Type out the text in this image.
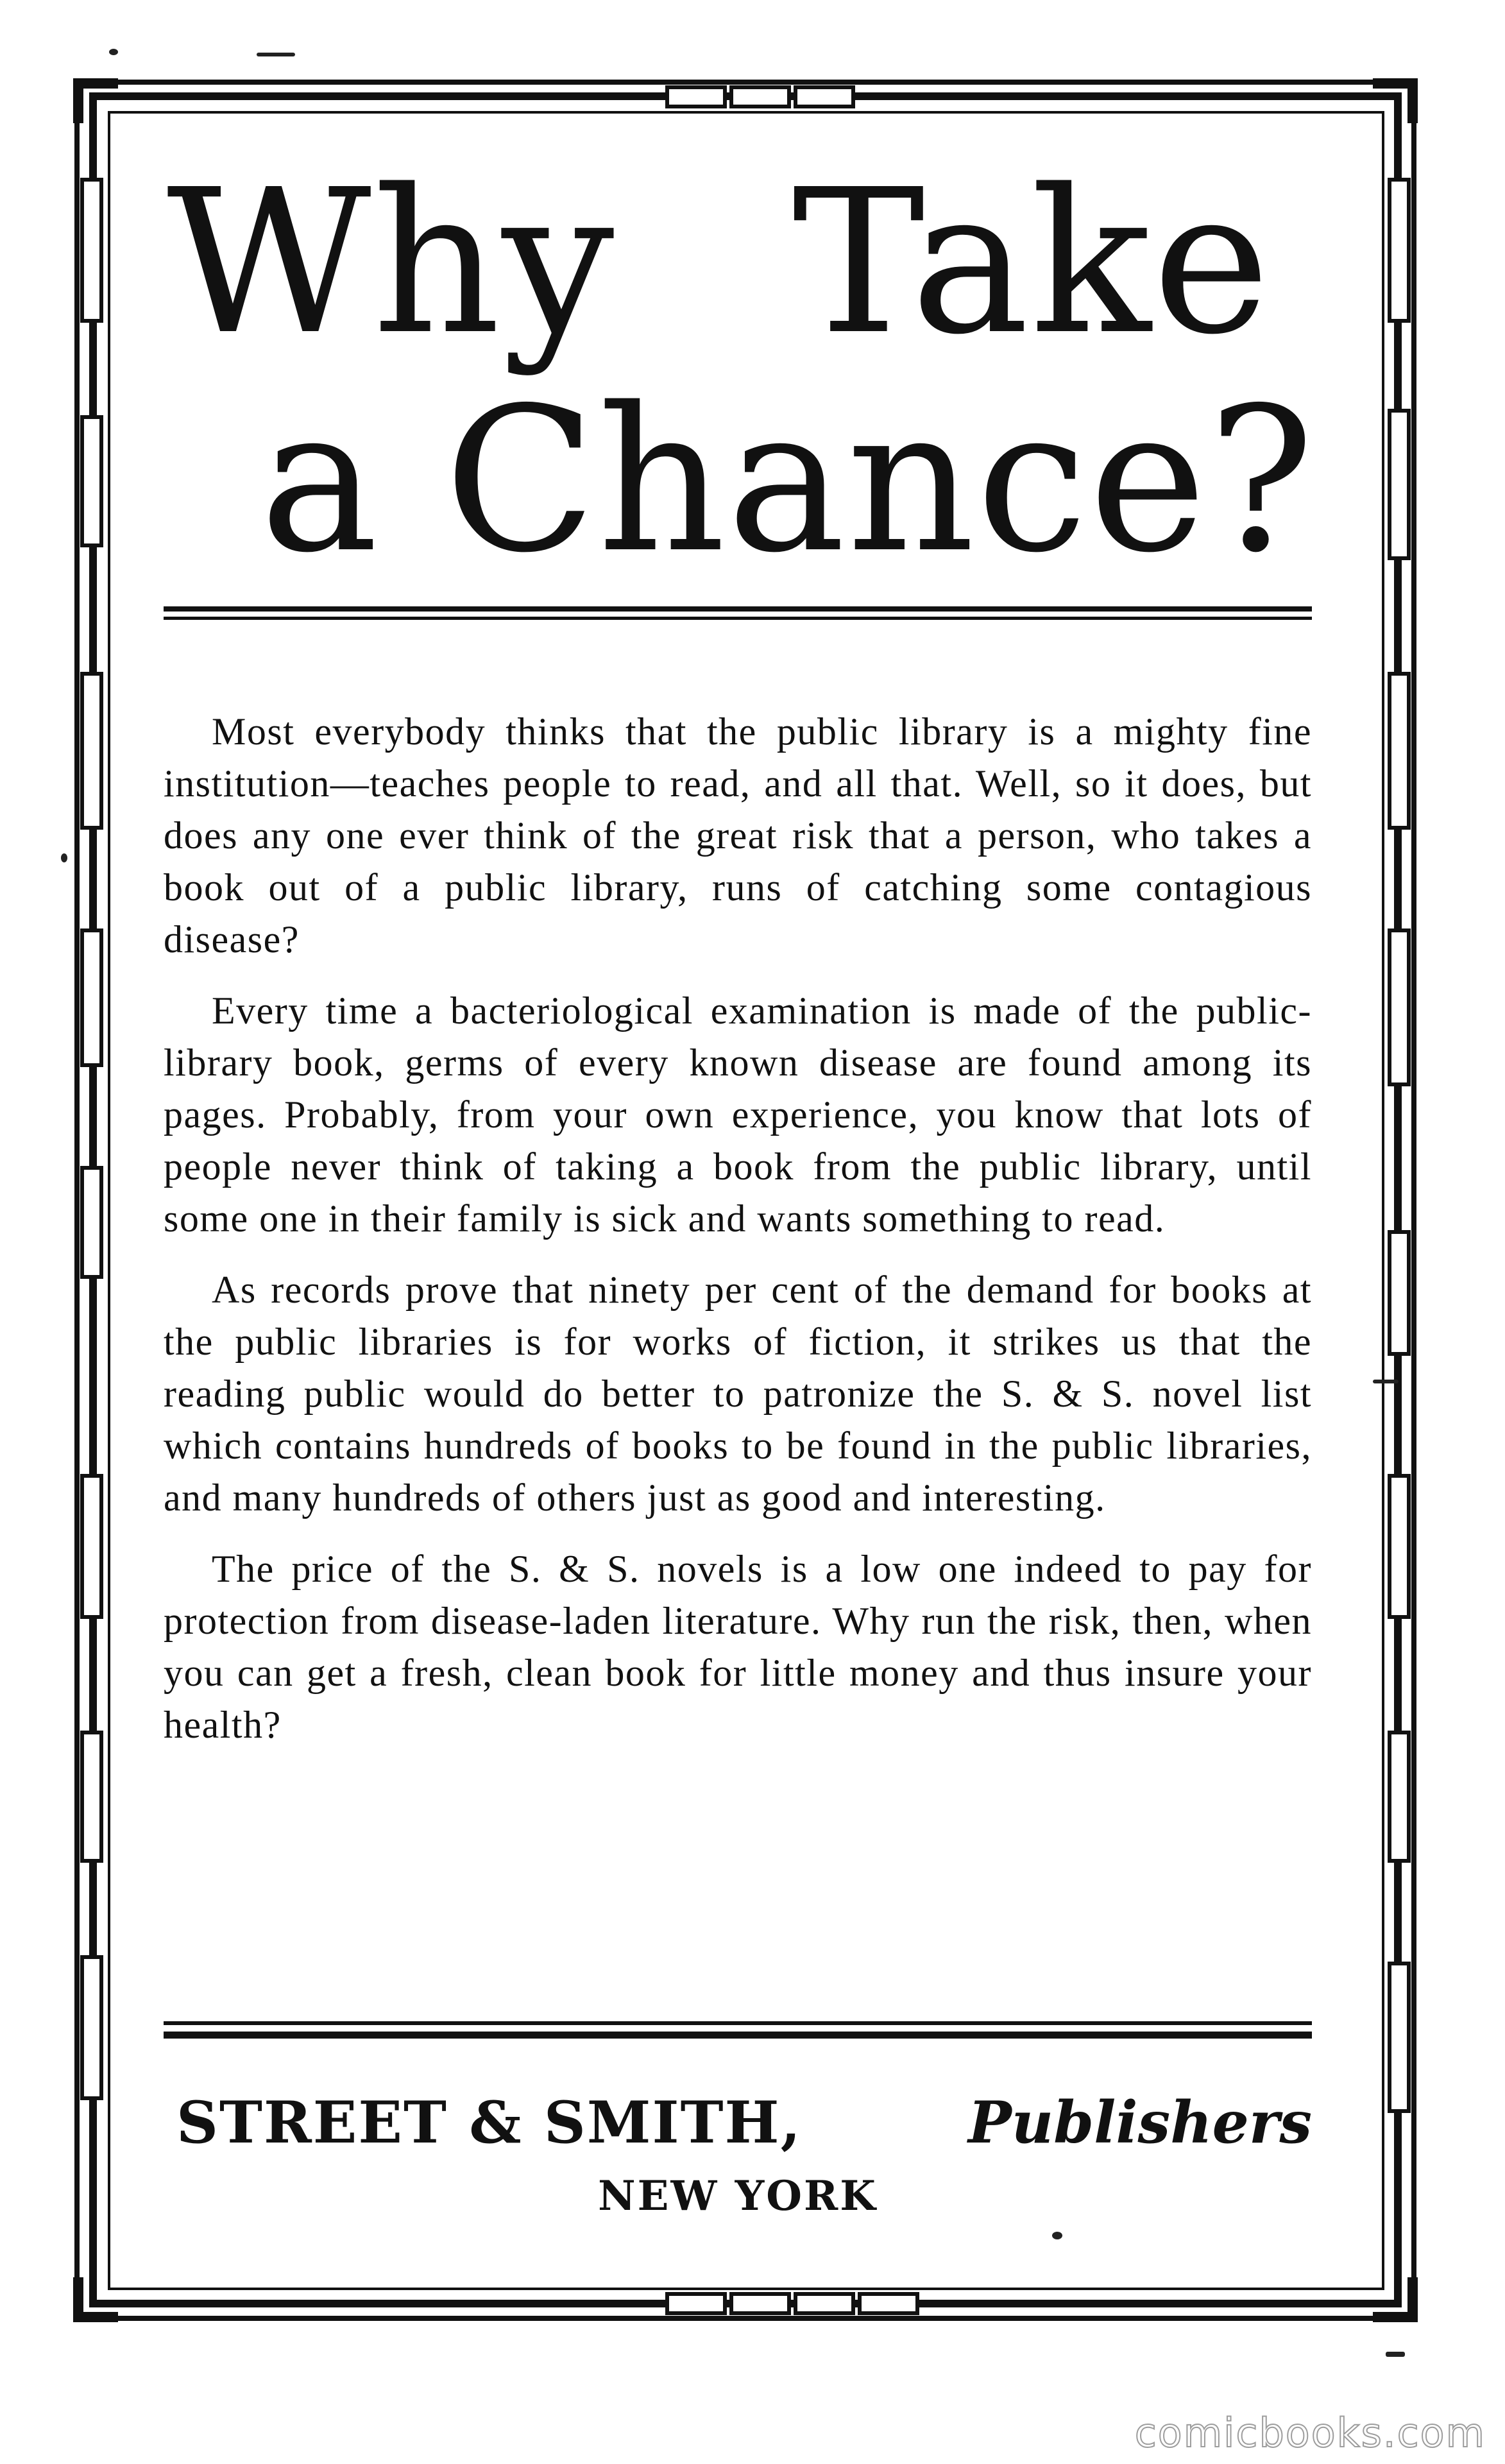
Why Take
a Chance?

Most everybody thinks that the public library is a mighty fine institution—teaches people to read, and all that. Well, so it does, but does any one ever think of the great risk that a person, who takes a book out of a public library, runs of catching some contagious disease?

Every time a bacteriological examination is made of the public-library book, germs of every known disease are found among its pages. Probably, from your own experience, you know that lots of people never think of taking a book from the public library, until some one in their family is sick and wants something to read.

As records prove that ninety per cent of the demand for books at the public libraries is for works of fiction, it strikes us that the reading public would do better to patronize the S. & S. novel list which contains hundreds of books to be found in the public libraries, and many hundreds of others just as good and interesting.

The price of the S. & S. novels is a low one indeed to pay for protection from disease-laden literature. Why run the risk, then, when you can get a fresh, clean book for little money and thus insure your health?

STREET & SMITH,	Publishers
NEW YORK
comicbooks.com
